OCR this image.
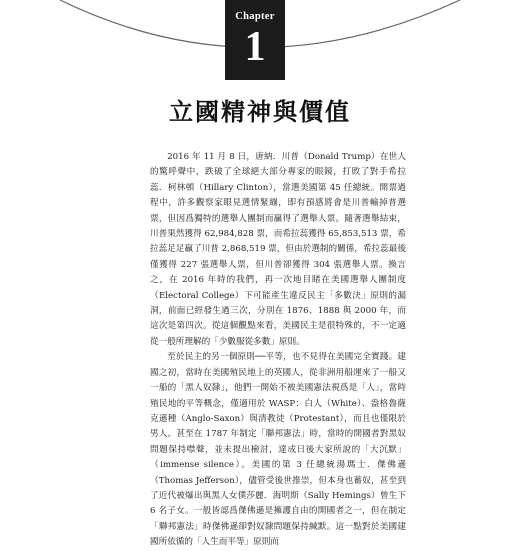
Chapter
1
立國精神與價值

2016 年 11 月 8 日，唐納．川普（Donald Trump）在世人的驚呼聲中，跌破了全球絕大部分專家的眼鏡，打敗了對手希拉蕊．柯林頓（Hillary Clinton），當選美國第 45 任總統。開票過程中，許多觀察家眼見選情緊繃，即有預感將會是川普輸掉普選票，但因爲獨特的選舉人團制而贏得了選舉人票。隨著選舉結束，川普果然獲得 62,984,828 票，而希拉蕊獲得 65,853,513 票，希拉蕊足足贏了川普 2,868,519 票，但由於選制的關係，希拉蕊最後僅獲得 227 張選舉人票，但川普卻獲得 304 張選舉人票。換言之，在 2016 年時的我們，再一次地目睹在美國選舉人團制度（Electoral College）下可能產生違反民主「多數決」原則的漏洞，前面已經發生過三次，分別在 1876、1888 與 2000 年，而這次是第四次。從這個觀點來看，美國民主是很特殊的，不一定適從一般所理解的「少數服從多數」原則。

至於民主的另一個原則──平等，也不見得在美國完全實踐。建國之初，當時在美國殖民地上的英國人，從非洲用船運來了一船又一船的「黑人奴隸」，他們一開始不被美國憲法視爲是「人」，當時殖民地的平等概念，僅適用於 WASP：白人（White）、盎格魯薩克遜種（Anglo-Saxon）與清教徒（Protestant），而且也僅限於男人。甚至在 1787 年制定「聯邦憲法」時，當時的開國者對黑奴問題保持噤聲，並未提出檢討，達成日後大家所說的「大沉默」（immense silence）。美國的第 3 任總統湯瑪士．傑佛遜（Thomas Jefferson），儘管受後世推崇，但本身也蓄奴，甚至到了近代被爆出與黑人女僕莎麗．海明斯（Sally Hemings）曾生下 6 名子女。一般皆認爲傑佛遜是擁護自由的開國者之一，但在制定「聯邦憲法」時傑佛遜卻對奴隸問題保持緘默。這一點對於美國建國所依循的「人生而平等」原則而
